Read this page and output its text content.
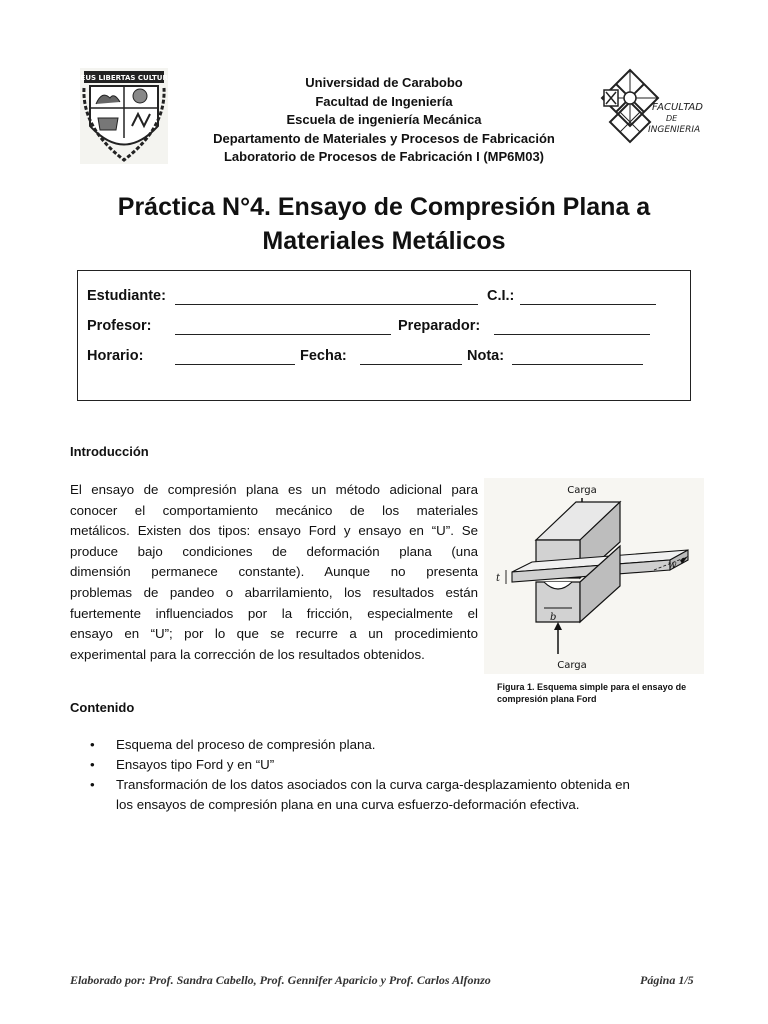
DEUS LIBERTAS CULTURA	Universidad de Carabobo
Facultad de Ingeniería
Escuela de ingeniería Mecánica
Departamento de Materiales y Procesos de Fabricación
Laboratorio de Procesos de Fabricación I (MP6M03)
FACULTAD
DE
INGENIERIA
Práctica N°4. Ensayo de Compresión Plana a
Materiales Metálicos
Estudiante:	C.I.:
Profesor:	Preparador:
Horario:	Fecha:	Nota:
Introducción

El ensayo de compresión plana es un método adicional para

conocer el comportamiento mecánico de los materiales

metálicos. Existen dos tipos: ensayo Ford y ensayo en “U”. Se

produce bajo condiciones de deformación plana (una

dimensión permanece constante). Aunque no presenta

problemas de pandeo o abarrilamiento, los resultados están

fuertemente influenciados por la fricción, especialmente el

ensayo en “U”; por lo que se recurre a un procedimiento

experimental para la corrección de los resultados obtenidos.

Carga
b
t
w
Carga
Figura 1. Esquema simple para el ensayo de
compresión plana Ford
Contenido
• Esquema del proceso de compresión plana.
• Ensayos tipo Ford y en “U”
• Transformación de los datos asociados con la curva carga-desplazamiento obtenida en
los ensayos de compresión plana en una curva esfuerzo-deformación efectiva.
Elaborado por: Prof. Sandra Cabello, Prof. Gennifer Aparicio y Prof. Carlos Alfonzo	Página 1/5
